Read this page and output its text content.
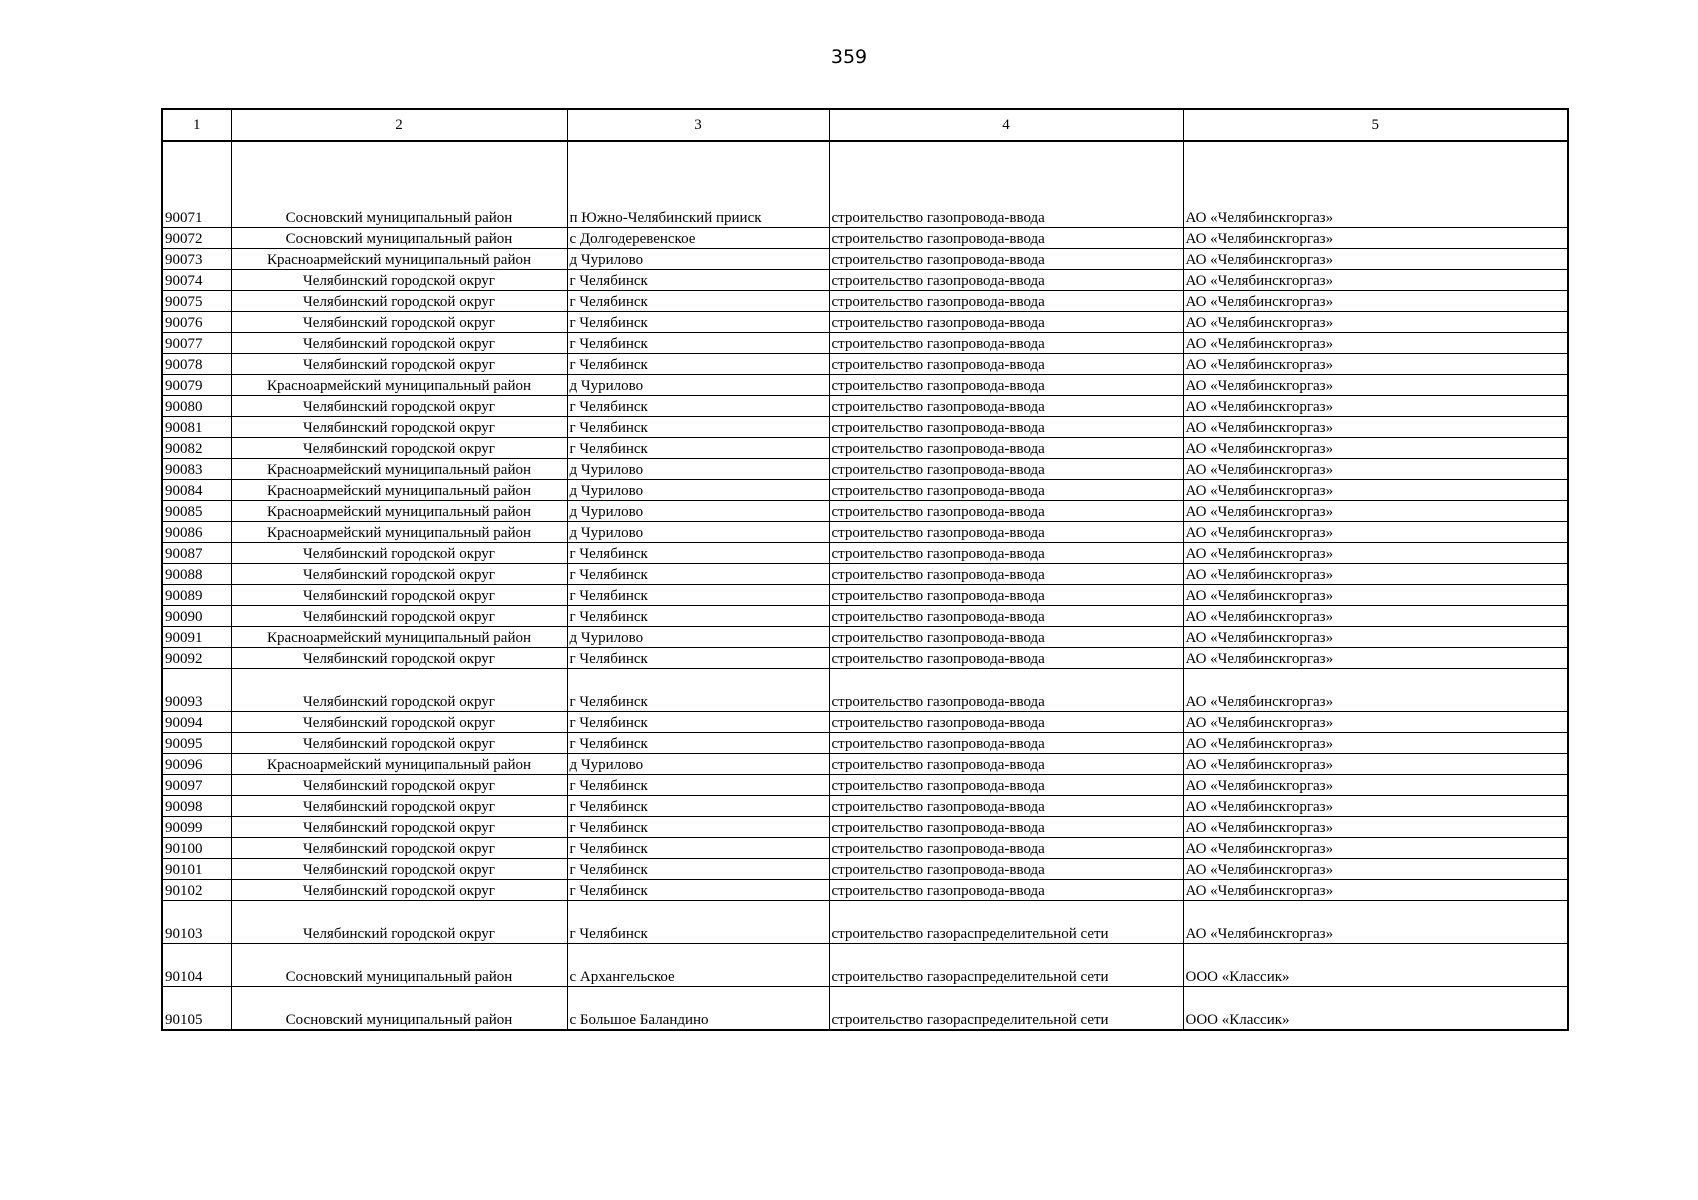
359
1	2	3	4	5
90071	Сосновский муниципальный район	п Южно-Челябинский прииск	строительство газопровода-ввода	АО «Челябинскгоргаз»
90072	Сосновский муниципальный район	с Долгодеревенское	строительство газопровода-ввода	АО «Челябинскгоргаз»
90073	Красноармейский муниципальный район	д Чурилово	строительство газопровода-ввода	АО «Челябинскгоргаз»
90074	Челябинский городской округ	г Челябинск	строительство газопровода-ввода	АО «Челябинскгоргаз»
90075	Челябинский городской округ	г Челябинск	строительство газопровода-ввода	АО «Челябинскгоргаз»
90076	Челябинский городской округ	г Челябинск	строительство газопровода-ввода	АО «Челябинскгоргаз»
90077	Челябинский городской округ	г Челябинск	строительство газопровода-ввода	АО «Челябинскгоргаз»
90078	Челябинский городской округ	г Челябинск	строительство газопровода-ввода	АО «Челябинскгоргаз»
90079	Красноармейский муниципальный район	д Чурилово	строительство газопровода-ввода	АО «Челябинскгоргаз»
90080	Челябинский городской округ	г Челябинск	строительство газопровода-ввода	АО «Челябинскгоргаз»
90081	Челябинский городской округ	г Челябинск	строительство газопровода-ввода	АО «Челябинскгоргаз»
90082	Челябинский городской округ	г Челябинск	строительство газопровода-ввода	АО «Челябинскгоргаз»
90083	Красноармейский муниципальный район	д Чурилово	строительство газопровода-ввода	АО «Челябинскгоргаз»
90084	Красноармейский муниципальный район	д Чурилово	строительство газопровода-ввода	АО «Челябинскгоргаз»
90085	Красноармейский муниципальный район	д Чурилово	строительство газопровода-ввода	АО «Челябинскгоргаз»
90086	Красноармейский муниципальный район	д Чурилово	строительство газопровода-ввода	АО «Челябинскгоргаз»
90087	Челябинский городской округ	г Челябинск	строительство газопровода-ввода	АО «Челябинскгоргаз»
90088	Челябинский городской округ	г Челябинск	строительство газопровода-ввода	АО «Челябинскгоргаз»
90089	Челябинский городской округ	г Челябинск	строительство газопровода-ввода	АО «Челябинскгоргаз»
90090	Челябинский городской округ	г Челябинск	строительство газопровода-ввода	АО «Челябинскгоргаз»
90091	Красноармейский муниципальный район	д Чурилово	строительство газопровода-ввода	АО «Челябинскгоргаз»
90092	Челябинский городской округ	г Челябинск	строительство газопровода-ввода	АО «Челябинскгоргаз»
90093	Челябинский городской округ	г Челябинск	строительство газопровода-ввода	АО «Челябинскгоргаз»
90094	Челябинский городской округ	г Челябинск	строительство газопровода-ввода	АО «Челябинскгоргаз»
90095	Челябинский городской округ	г Челябинск	строительство газопровода-ввода	АО «Челябинскгоргаз»
90096	Красноармейский муниципальный район	д Чурилово	строительство газопровода-ввода	АО «Челябинскгоргаз»
90097	Челябинский городской округ	г Челябинск	строительство газопровода-ввода	АО «Челябинскгоргаз»
90098	Челябинский городской округ	г Челябинск	строительство газопровода-ввода	АО «Челябинскгоргаз»
90099	Челябинский городской округ	г Челябинск	строительство газопровода-ввода	АО «Челябинскгоргаз»
90100	Челябинский городской округ	г Челябинск	строительство газопровода-ввода	АО «Челябинскгоргаз»
90101	Челябинский городской округ	г Челябинск	строительство газопровода-ввода	АО «Челябинскгоргаз»
90102	Челябинский городской округ	г Челябинск	строительство газопровода-ввода	АО «Челябинскгоргаз»
90103	Челябинский городской округ	г Челябинск	строительство газораспределительной сети	АО «Челябинскгоргаз»
90104	Сосновский муниципальный район	с Архангельское	строительство газораспределительной сети	ООО «Классик»
90105	Сосновский муниципальный район	с Большое Баландино	строительство газораспределительной сети	ООО «Классик»
